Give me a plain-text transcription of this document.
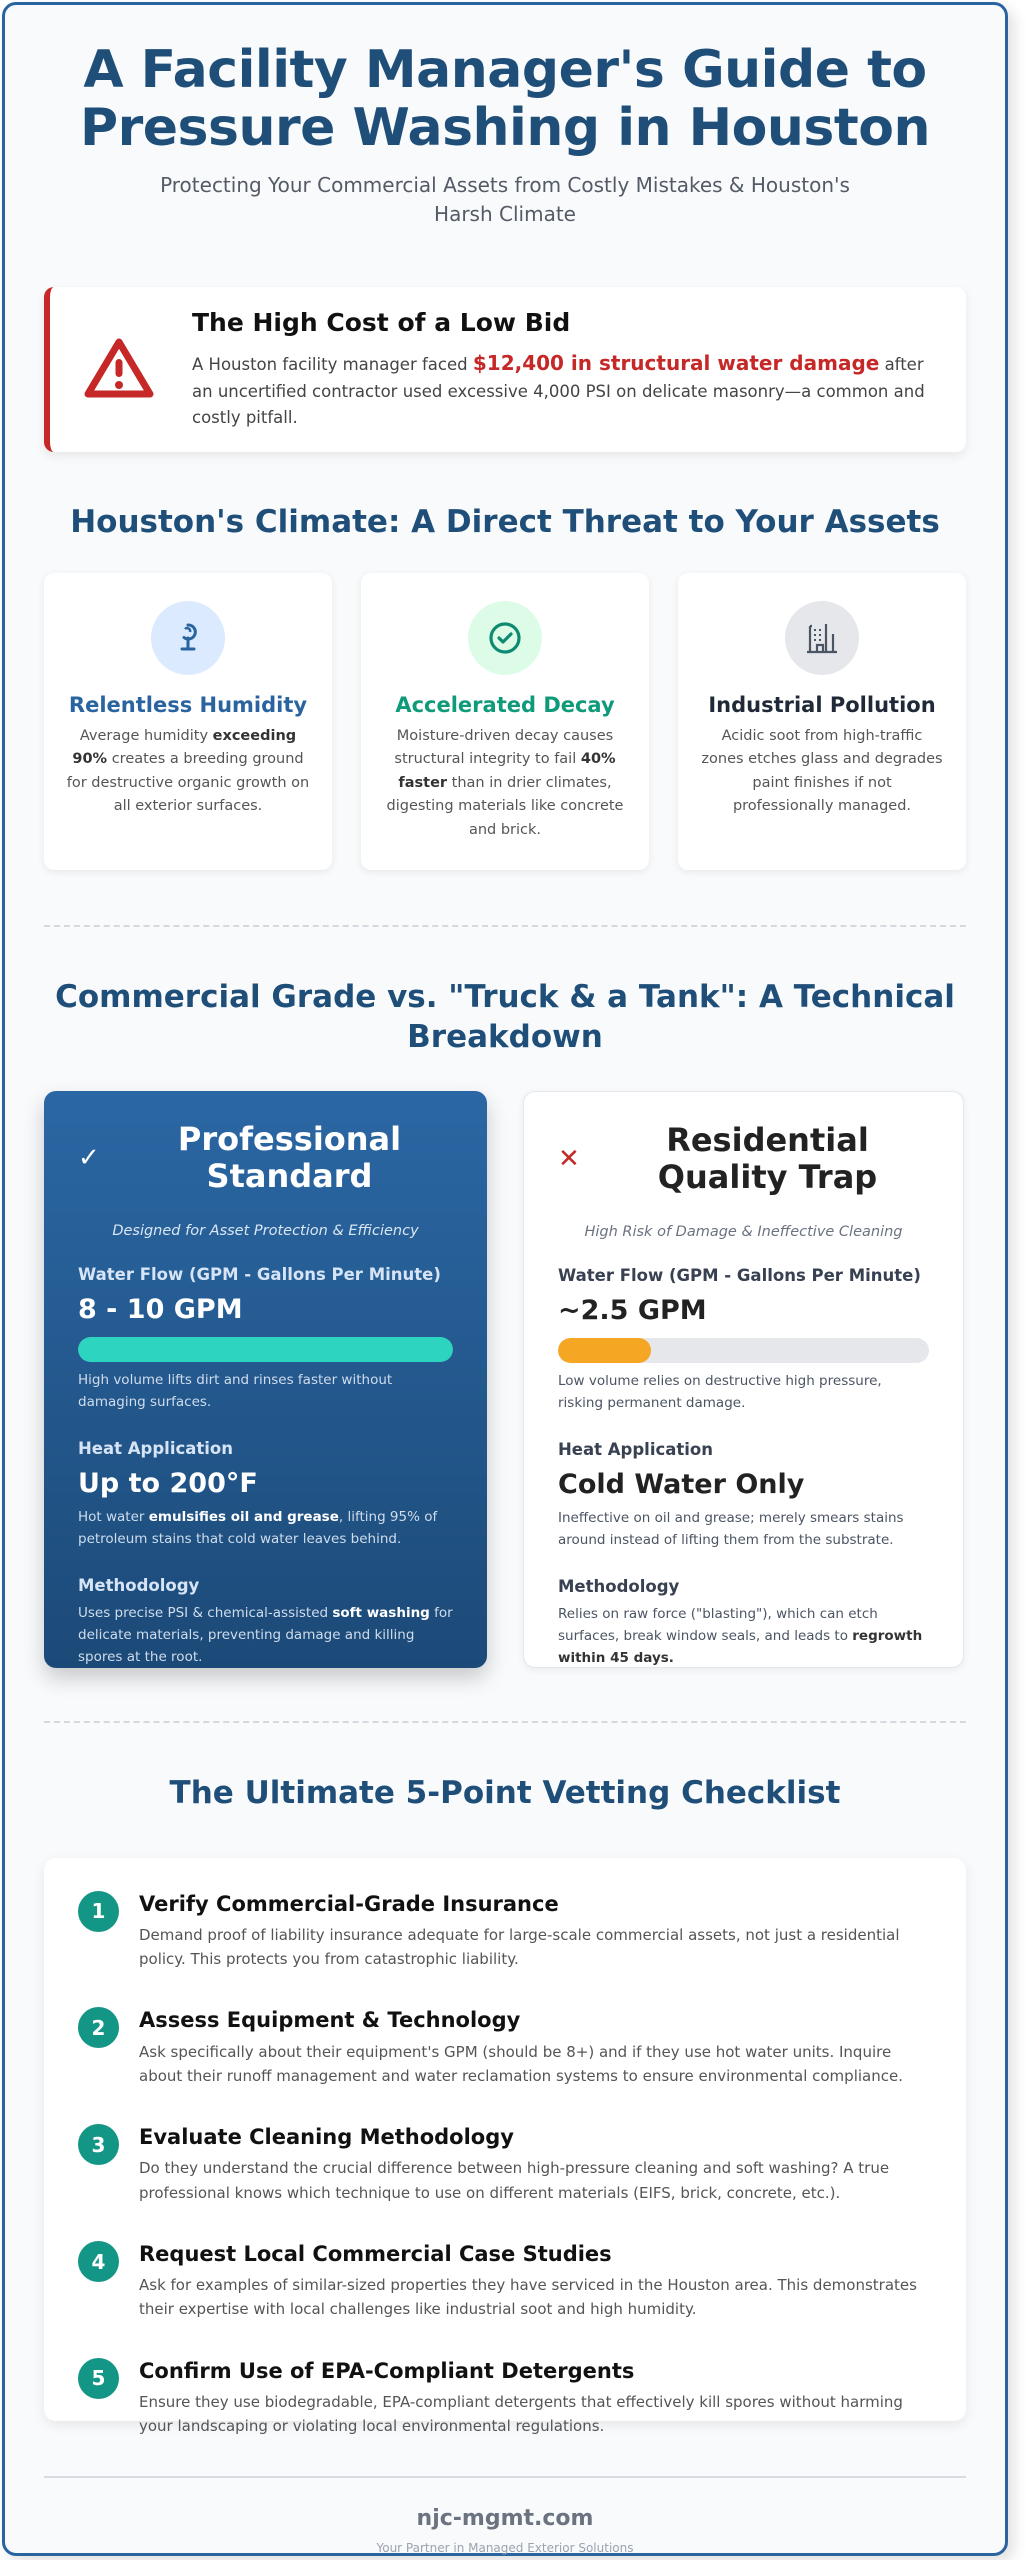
A Facility Manager's Guide to Pressure Washing in Houston

Protecting Your Commercial Assets from Costly Mistakes & Houston's Harsh Climate

The High Cost of a Low Bid

A Houston facility manager faced $12,400 in structural water damage after an uncertified contractor used excessive 4,000 PSI on delicate masonry—a common and costly pitfall.

Houston's Climate: A Direct Threat to Your Assets
Relentless Humidity

Average humidity exceeding 90% creates a breeding ground for destructive organic growth on all exterior surfaces.

Accelerated Decay

Moisture-driven decay causes structural integrity to fail 40% faster than in drier climates, digesting materials like concrete and brick.

Industrial Pollution

Acidic soot from high-traffic zones etches glass and degrades paint finishes if not professionally managed.

Commercial Grade vs. "Truck & a Tank": A Technical Breakdown
✓	Professional Standard

Designed for Asset Protection & Efficiency

Water Flow (GPM - Gallons Per Minute)

8 - 10 GPM

High volume lifts dirt and rinses faster without damaging surfaces.

Heat Application

Up to 200°F

Hot water emulsifies oil and grease, lifting 95% of petroleum stains that cold water leaves behind.

Methodology

Uses precise PSI & chemical-assisted soft washing for delicate materials, preventing damage and killing spores at the root.

✕	Residential Quality Trap

High Risk of Damage & Ineffective Cleaning

Water Flow (GPM - Gallons Per Minute)

~2.5 GPM

Low volume relies on destructive high pressure, risking permanent damage.

Heat Application

Cold Water Only

Ineffective on oil and grease; merely smears stains around instead of lifting them from the substrate.

Methodology

Relies on raw force ("blasting"), which can etch surfaces, break window seals, and leads to regrowth within 45 days.

The Ultimate 5-Point Vetting Checklist
1	Verify Commercial-Grade Insurance

Demand proof of liability insurance adequate for large-scale commercial assets, not just a residential policy. This protects you from catastrophic liability.

2	Assess Equipment & Technology

Ask specifically about their equipment's GPM (should be 8+) and if they use hot water units. Inquire about their runoff management and water reclamation systems to ensure environmental compliance.

3	Evaluate Cleaning Methodology

Do they understand the crucial difference between high-pressure cleaning and soft washing? A true professional knows which technique to use on different materials (EIFS, brick, concrete, etc.).

4	Request Local Commercial Case Studies

Ask for examples of similar-sized properties they have serviced in the Houston area. This demonstrates their expertise with local challenges like industrial soot and high humidity.

5	Confirm Use of EPA-Compliant Detergents

Ensure they use biodegradable, EPA-compliant detergents that effectively kill spores without harming your landscaping or violating local environmental regulations.

njc-mgmt.com

Your Partner in Managed Exterior Solutions
